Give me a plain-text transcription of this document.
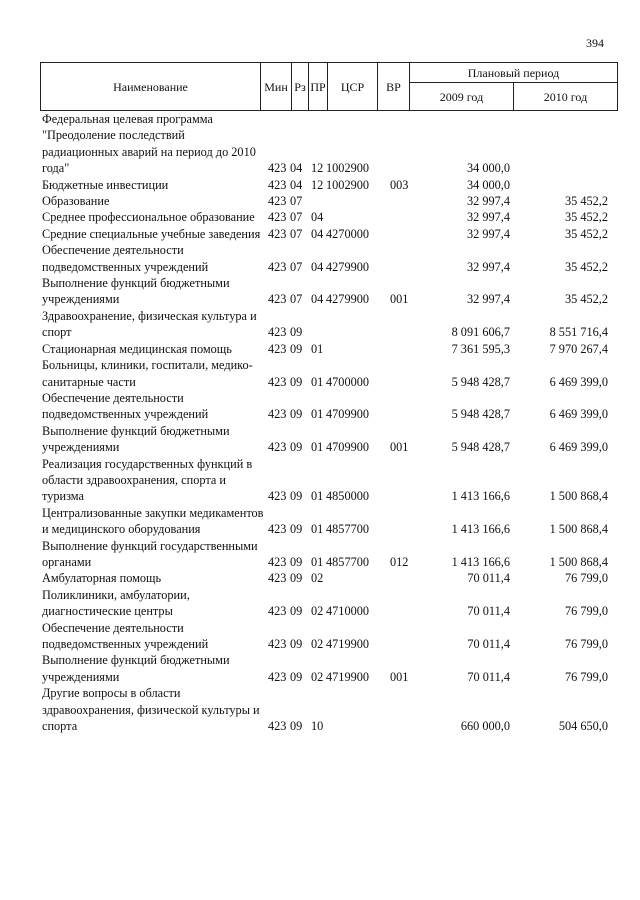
394
Наименование	Мин	Рз	ПР	ЦСР	ВР	Плановый период	
						2009 год	2010 год
Федеральная целевая программа "Преодоление последствий радиационных аварий на период до 2010 года"	423 04 12 1002900	34 000,0
Бюджетные инвестиции	423 04 12 1002900 003	34 000,0
Образование	423 07	32 997,4	35 452,2
Среднее профессиональное образование	423 07 04	32 997,4	35 452,2
Средние специальные учебные заведения 423 07 04 4270000	32 997,4	35 452,2
Обеспечение деятельности подведомственных учреждений	423 07 04 4279900	32 997,4	35 452,2
Выполнение функций бюджетными учреждениями	423 07 04 4279900 001	32 997,4	35 452,2
Здравоохранение, физическая культура и спорт	423 09	8 091 606,7	8 551 716,4
Стационарная медицинская помощь	423 09 01	7 361 595,3	7 970 267,4
Больницы, клиники, госпитали, медико-санитарные части	423 09 01 4700000	5 948 428,7	6 469 399,0
Обеспечение деятельности подведомственных учреждений	423 09 01 4709900	5 948 428,7	6 469 399,0
Выполнение функций бюджетными учреждениями	423 09 01 4709900 001	5 948 428,7	6 469 399,0
Реализация государственных функций в области здравоохранения, спорта и туризма	423 09 01 4850000	1 413 166,6	1 500 868,4
Централизованные закупки медикаментов и медицинского оборудования	423 09 01 4857700	1 413 166,6	1 500 868,4
Выполнение функций государственными органами	423 09 01 4857700 012	1 413 166,6	1 500 868,4
Амбулаторная помощь	423 09 02	70 011,4	76 799,0
Поликлиники, амбулатории, диагностические центры	423 09 02 4710000	70 011,4	76 799,0
Обеспечение деятельности подведомственных учреждений	423 09 02 4719900	70 011,4	76 799,0
Выполнение функций бюджетными учреждениями	423 09 02 4719900 001	70 011,4	76 799,0
Другие вопросы в области здравоохранения, физической культуры и спорта	423 09 10	660 000,0	504 650,0
